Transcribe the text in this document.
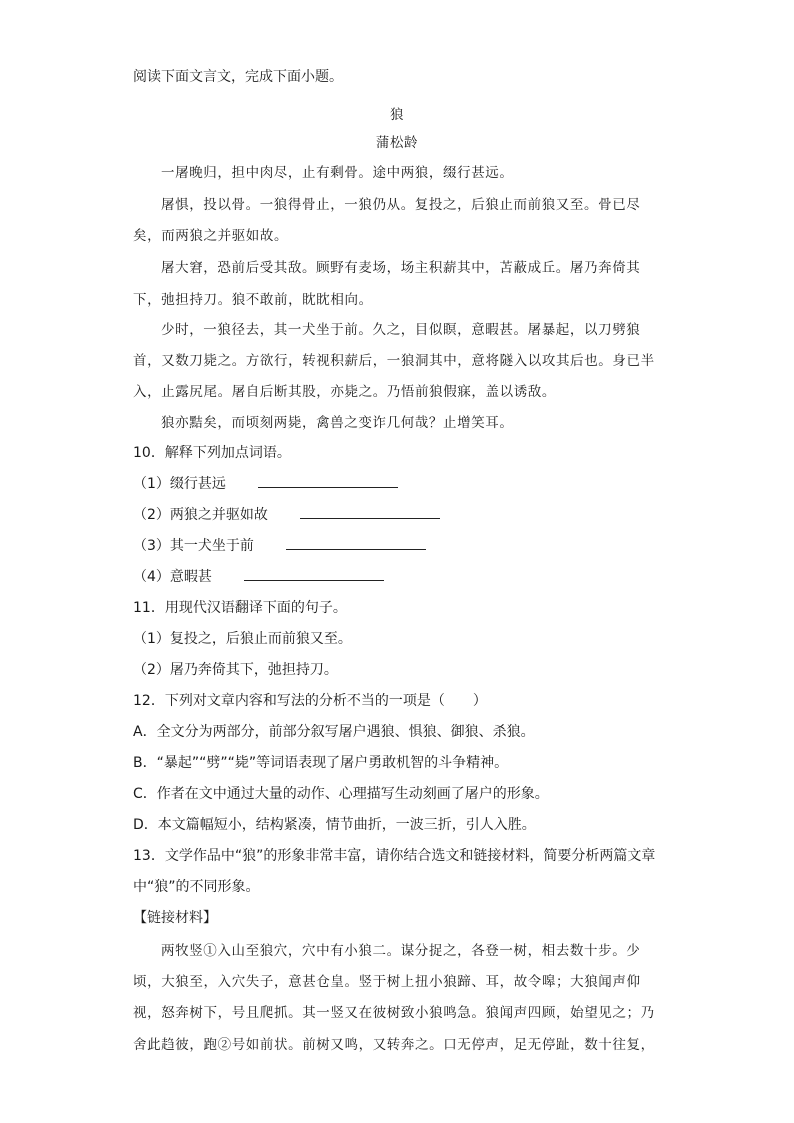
阅读下面文言文，完成下面小题。
狼
蒲松龄
一屠晚归，担中肉尽，止有剩骨。途中两狼，缀行甚远。
屠惧，投以骨。一狼得骨止，一狼仍从。复投之，后狼止而前狼又至。骨已尽
矣，而两狼之并驱如故。
屠大窘，恐前后受其敌。顾野有麦场，场主积薪其中，苫蔽成丘。屠乃奔倚其
下，弛担持刀。狼不敢前，眈眈相向。
少时，一狼径去，其一犬坐于前。久之，目似瞑，意暇甚。屠暴起，以刀劈狼
首，又数刀毙之。方欲行，转视积薪后，一狼洞其中，意将隧入以攻其后也。身已半
入，止露尻尾。屠自后断其股，亦毙之。乃悟前狼假寐，盖以诱敌。
狼亦黠矣，而顷刻两毙，禽兽之变诈几何哉？止增笑耳。
10．解释下列加点词语。
（1）缀行甚远
（2）两狼之并驱如故
（3）其一犬坐于前
（4）意暇甚
11．用现代汉语翻译下面的句子。
（1）复投之，后狼止而前狼又至。
（2）屠乃奔倚其下，弛担持刀。
12．下列对文章内容和写法的分析不当的一项是（　　）
A．全文分为两部分，前部分叙写屠户遇狼、惧狼、御狼、杀狼。
B．“暴起”“劈”“毙”等词语表现了屠户勇敢机智的斗争精神。
C．作者在文中通过大量的动作、心理描写生动刻画了屠户的形象。
D．本文篇幅短小，结构紧凑，情节曲折，一波三折，引人入胜。
13．文学作品中“狼”的形象非常丰富，请你结合选文和链接材料，简要分析两篇文章
中“狼”的不同形象。
【链接材料】
两牧竖①入山至狼穴，穴中有小狼二。谋分捉之，各登一树，相去数十步。少
顷，大狼至，入穴失子，意甚仓皇。竖于树上扭小狼蹄、耳，故令嗥；大狼闻声仰
视，怒奔树下，号且爬抓。其一竖又在彼树致小狼鸣急。狼闻声四顾，始望见之；乃
舍此趋彼，跑②号如前状。前树又鸣，又转奔之。口无停声，足无停趾，数十往复，
